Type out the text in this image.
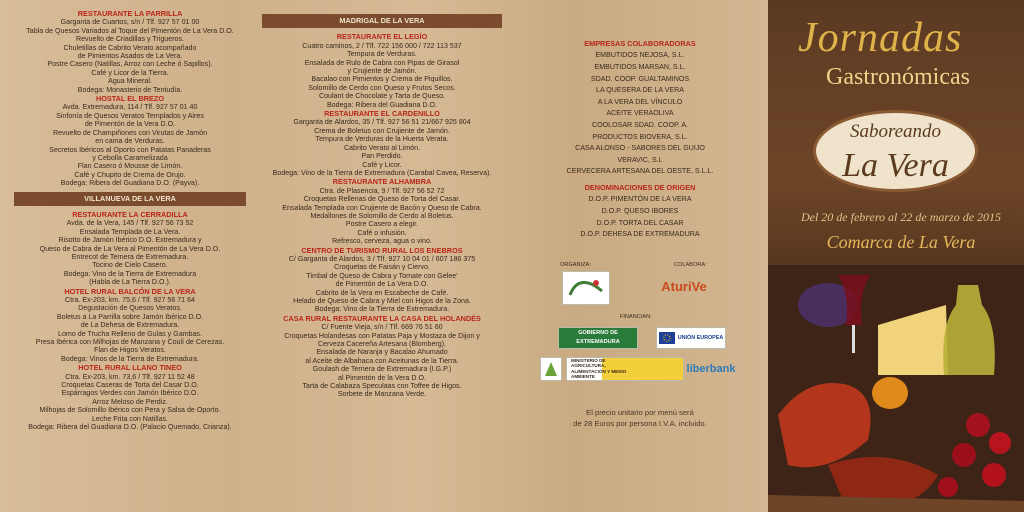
RESTAURANTE LA PARRILLA
Garganta de Cuartos, s/n / Tlf. 927 57 01 00
Tabla de Quesos Variados al Toque del Pimentón de La Vera D.O.
Revuelto de Criadillas y Trigueros.
Chuletillas de Cabrito Verato acompañado
de Pimientos Asados de La Vera.
Postre Casero (Natillas, Arroz con Leche ó Sapillos).
Café y Licor de la Tierra.
Agua Mineral.
Bodega: Monasterio de Tentudía.
HOSTAL EL BREZO
Avda. Extremadura, 114 / Tlf. 927 57 01 40
Sinfonía de Quesos Veratos Templados y Aires
de Pimentón de la Vera D.O.
Revuelto de Champiñones con Virutas de Jamón
en cama de Verduras.
Secretos Ibéricos al Oporto con Patatas Panaderas
y Cebolla Caramelizada
Flan Casero ó Mousse de Limón.
Café y Chupito de Crema de Orujo.
Bodega: Ribera del Guadiana D.O. (Payva).
VILLANUEVA DE LA VERA
RESTAURANTE LA CERRADILLA
Avda. de la Vera, 145 / Tlf. 927 56 73 52
Ensalada Templada de La Vera.
Risotto de Jamón Ibérico D.O. Extremadura y
Queso de Cabra de La Vera al Pimentón de La Vera D.O.
Entrecot de Ternera de Extremadura.
Tocino de Cielo Casero.
Bodega: Vino de la Tierra de Extremadura
(Habla de La Tierra D.O.).
HOTEL RURAL BALCÓN DE LA VERA
Ctra. Ex-203, km. 75,6 / Tlf. 927 56 71 64
Degustación de Quesos Veratos.
Boletus a La Parrilla sobre Jamón Ibérico D.O.
de La Dehesa de Extremadura.
Lomo de Trucha Relleno de Gulas y Gambas.
Presa Ibérica con Milhojas de Manzana y Coulí de Cerezas.
Flan de Higos Veratos.
Bodega: Vinos de la Tierra de Extremadura.
HOTEL RURAL LLANO TINEO
Ctra. Ex-203, km. 73,6 / Tlf. 927 11 52 48
Croquetas Caseras de Torta del Casar D.O.
Espárragos Verdes con Jamón Ibérico D.O.
Arroz Meloso de Perdiz.
Milhojas de Solomillo Ibérico con Pera y Salsa de Oporto.
Leche Frita con Natillas.
Bodega: Ribera del Guadiana D.O. (Palacio Quemado, Crianza).
MADRIGAL DE LA VERA
RESTAURANTE EL LEGÍO
Cuatro caminos, 2 / Tlf. 722 156 000 / 722 113 537
Tempura de Verduras.
Ensalada de Rulo de Cabra con Pipas de Girasol
y Crujiente de Jamón.
Bacalao con Pimientos y Crema de Piquillos.
Solomillo de Cerdo con Queso y Frutos Secos.
Coulant de Chocolate y Tarta de Queso.
Bodega: Ribera del Guadiana D.O.
RESTAURANTE EL CARDENILLO
Garganta de Alardos, 35 / Tlf. 927 56 51 21/667 925 804
Crema de Boletus con Crujiente de Jamón.
Tempura de Verduras de la Huerta Verata.
Cabrito Verato al Limón.
Pan Perdido.
Café y Licor.
Bodega: Vino de la Tierra de Extremadura (Carabal Cavea, Reserva).
RESTAURANTE ALHAMBRA
Ctra. de Plasencia, 9 / Tlf. 927 56 52 72
Croquetas Rellenas de Queso de Torta del Casar.
Ensalada Templada con Crujiente de Bacón y Queso de Cabra.
Medallones de Solomillo de Cerdo al Boletus.
Postre Casero a elegir.
Café o infusión.
Refresco, cerveza, agua o vino.
CENTRO DE TURISMO RURAL LOS ENEBROS
C/ Garganta de Alardos, 3 / Tlf. 927 10 04 01 / 607 186 375
Croquetas de Faisán y Ciervo.
Timbal de Queso de Cabra y Tomate con Gelee'
de Pimentón de La Vera D.O.
Cabrito de la Vera en Escabeche de Café.
Helado de Queso de Cabra y Miel con Higos de la Zona.
Bodega: Vino de la Tierra de Extremadura.
CASA RURAL RESTAURANTE LA CASA DEL HOLANDÉS
C/ Fuente Vieja, s/n / Tlf. 669 76 51 60
Croquetas Holandesas con Patatas Paja y Mostaza de Dijon y
Cerveza Cacereña Artesana (Blomberg).
Ensalada de Naranja y Bacalao Ahumado
al Aceite de Albahaca con Aceitunas de la Tierra.
Goulash de Ternera de Extremadura (I.G.P.)
al Pimentón de la Vera D.O.
Tarta de Calabaza Speculaas con Toffee de Higos.
Sorbete de Manzana Verde.
EMPRESAS COLABORADORAS
EMBUTIDOS NEJOSA, S.L.
EMBUTIDOS MARSAN, S.L.
SDAD. COOP. GUALTAMINOS
LA QUESERA DE LA VERA
A LA VERA DEL VÍNCULO
ACEITE VERAOLIVA
COOLOSAR SDAD. COOP. A.
PRODUCTOS BIOVERA, S.L.
CASA ALONSO - SABORES DEL GUIJO
VERAVIC, S.L
CERVECERA ARTESANA DEL OESTE, S.L.L.
DENOMINACIONES DE ORIGEN
D.O.P. PIMENTÓN DE LA VERA
D.O.P. QUESO IBORES
D.O.P. TORTA DEL CASAR
D.O.P. DEHESA DE EXTREMADURA
ORGANIZA:	COLABORA:
AturiVe
FINANCIAN:
GOBIERNO DE EXTREMADURA
UNIÓN EUROPEA
MINISTERIO DE AGRICULTURA, ALIMENTACIÓN Y MEDIO AMBIENTE
liberbank
El precio unitario por menú será
de 28 Euros por persona I.V.A. incluido.
Jornadas
Gastronómicas
Saboreando
La Vera
Del 20 de febrero al 22 de marzo de 2015
Comarca de La Vera
